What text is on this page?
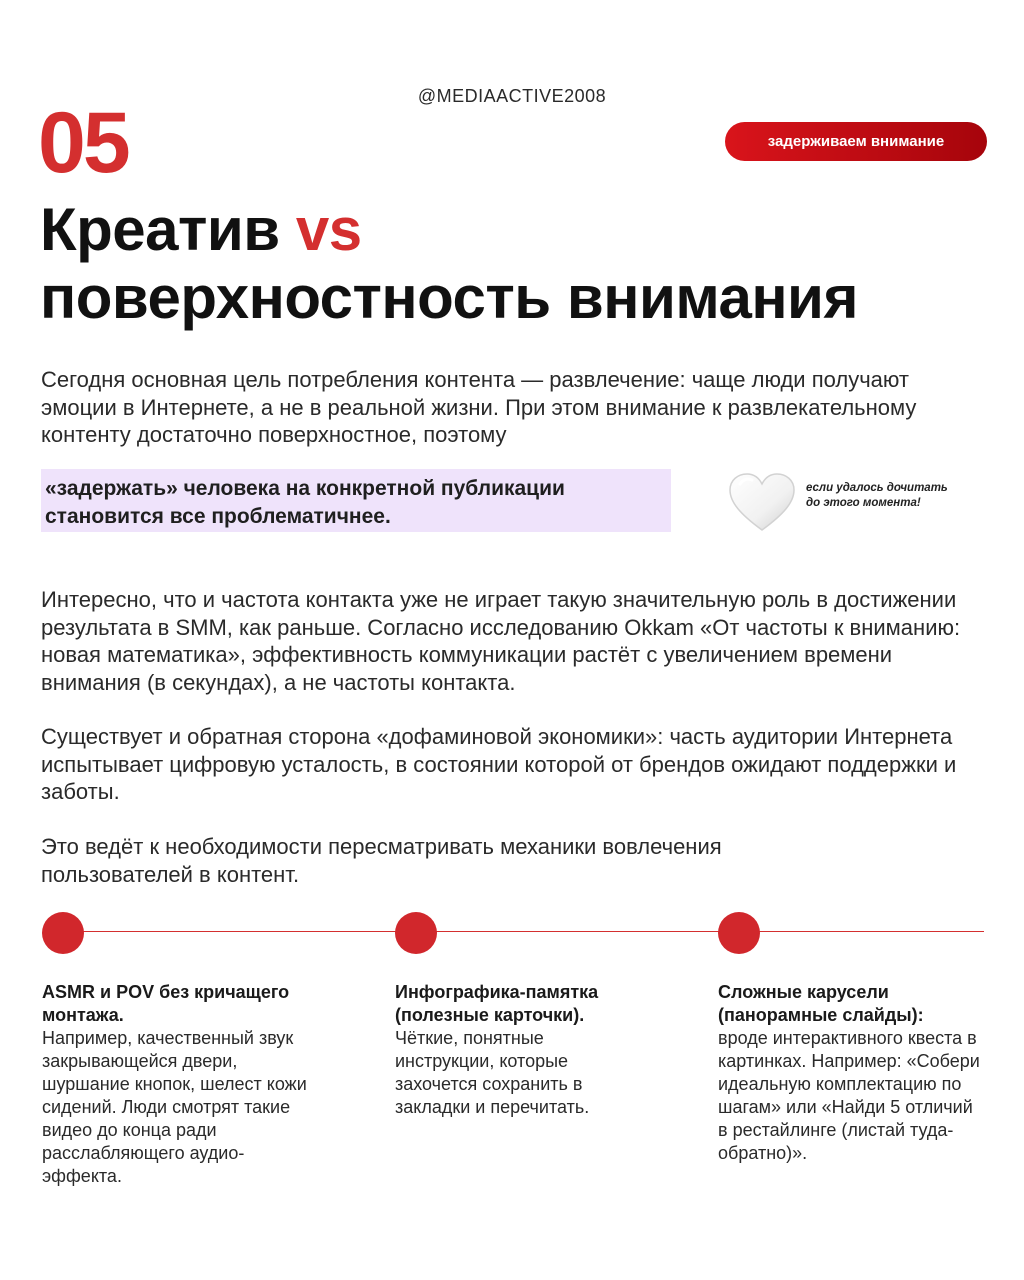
@MEDIAACTIVE2008
05	задерживаем внимание
Креатив vs
поверхностность внимания
Сегодня основная цель потребления контента — развлечение: чаще люди получают эмоции в Интернете, а не в реальной жизни. При этом внимание к развлекательному контенту достаточно поверхностное, поэтому
«задержать» человека на конкретной публикации становится все проблематичнее.
если удалось дочитать до этого момента!
Интересно, что и частота контакта уже не играет такую значительную роль в достижении результата в SMM, как раньше. Согласно исследованию Okkam «От частоты к вниманию: новая математика», эффективность коммуникации растёт с увеличением времени внимания (в секундах), а не частоты контакта.
Существует и обратная сторона «дофаминовой экономики»: часть аудитории Интернета испытывает цифровую усталость, в состоянии которой от брендов ожидают поддержки и заботы.
Это ведёт к необходимости пересматривать механики вовлечения пользователей в контент.
ASMR и POV без кричащего монтажа.
Например, качественный звук закрывающейся двери, шуршание кнопок, шелест кожи сидений. Люди смотрят такие видео до конца ради расслабляющего аудио-эффекта.
Инфографика-памятка (полезные карточки).
Чёткие, понятные инструкции, которые захочется сохранить в закладки и перечитать.
Сложные карусели (панорамные слайды):
вроде интерактивного квеста в картинках. Например: «Собери идеальную комплектацию по шагам» или «Найди 5 отличий в рестайлинге (листай туда-обратно)».
